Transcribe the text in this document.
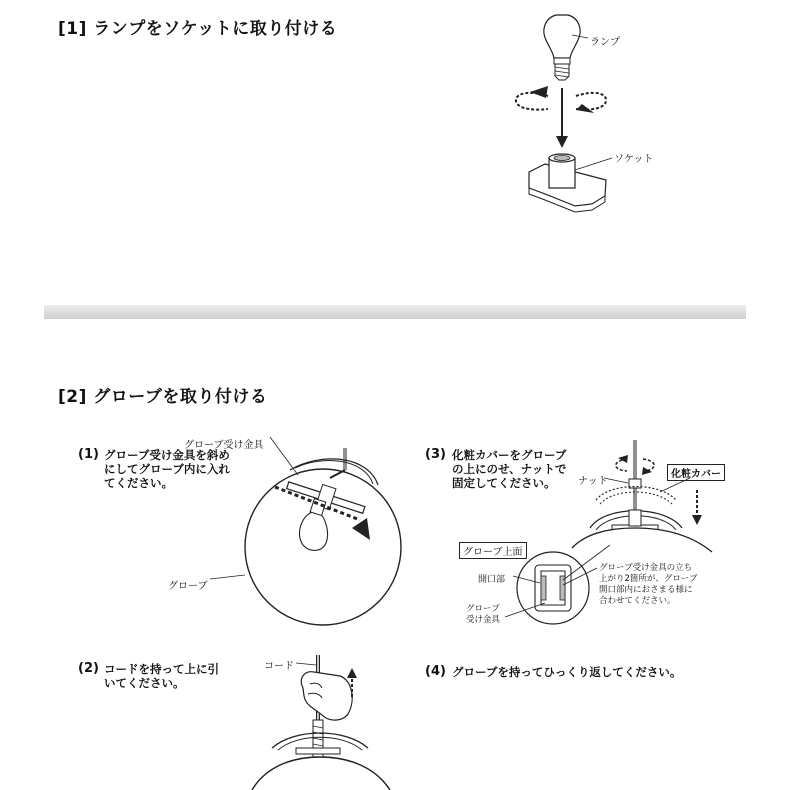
[1] ランプをソケットに取り付ける
ランプ
ソケット
[2] グローブを取り付ける
(1) グローブ受け金具を斜め
にしてグローブ内に入れ
てください。
グローブ受け金具
グローブ
(2) コードを持って上に引
いてください。
コード
(3) 化粧カバーをグローブ
の上にのせ、ナットで
固定してください。	ナット
化粧カバー
グローブ上面
開口部
グローブ
受け金具
グローブ受け金具の立ち
上がり2箇所が、グローブ
開口部内におさまる様に
合わせてください。
(4) グローブを持ってひっくり返してください。
